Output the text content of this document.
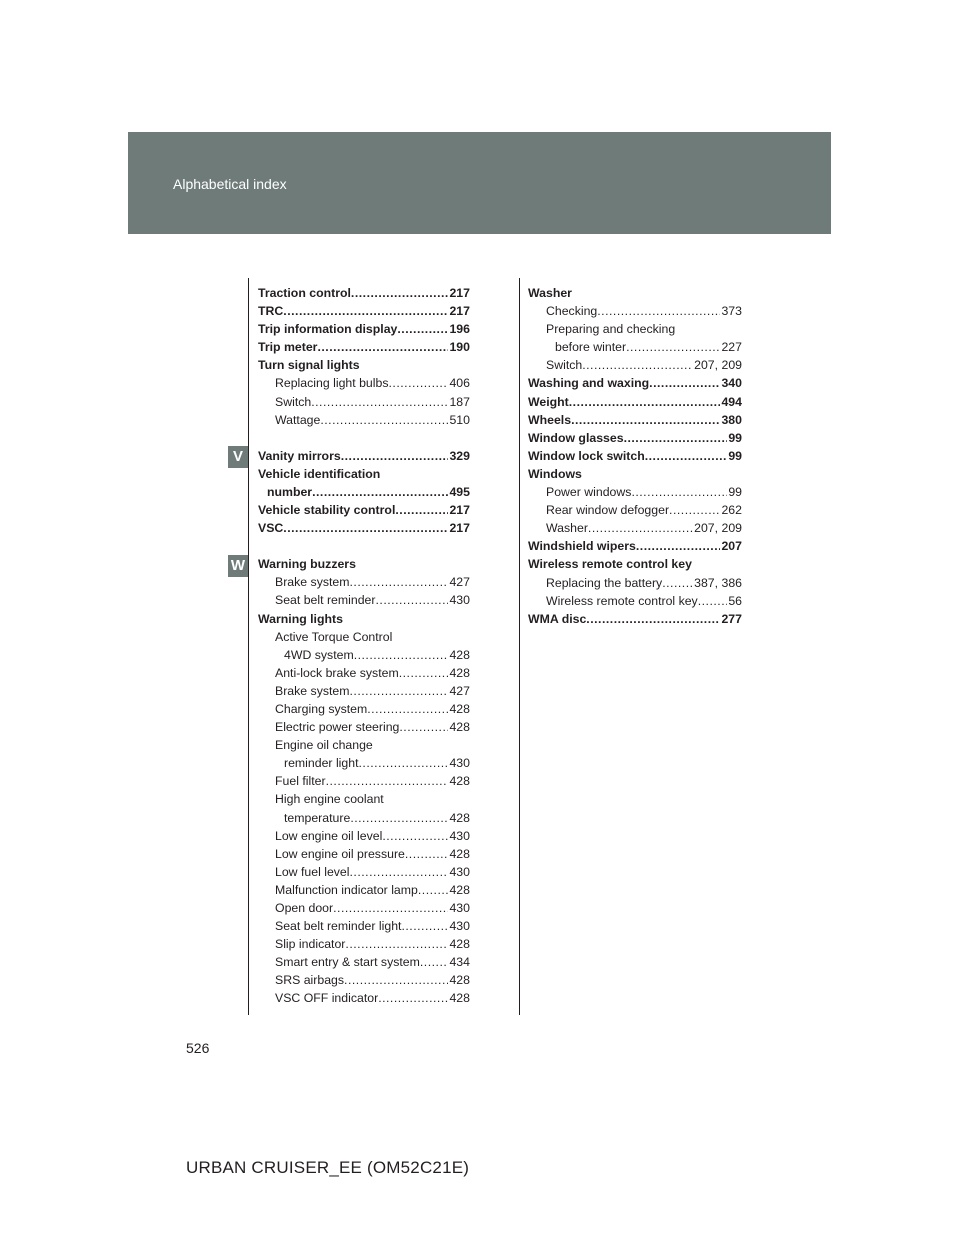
Alphabetical index
V
W
Traction control .....	217
TRC .....	217
Trip information display .....	196
Trip meter .....	190
Turn signal lights
Replacing light bulbs .....	406
Switch .....	187
Wattage .....	510
Vanity mirrors .....	329
Vehicle identification
number .....	495
Vehicle stability control .....	217
VSC .....	217
Warning buzzers
Brake system .....	427
Seat belt reminder .....	430
Warning lights
Active Torque Control
4WD system .....	428
Anti-lock brake system .....	428
Brake system .....	427
Charging system .....	428
Electric power steering .....	428
Engine oil change
reminder light .....	430
Fuel filter .....	428
High engine coolant
temperature .....	428
Low engine oil level .....	430
Low engine oil pressure .....	428
Low fuel level .....	430
Malfunction indicator lamp .....	428
Open door .....	430
Seat belt reminder light .....	430
Slip indicator .....	428
Smart entry & start system ..... 434
SRS airbags .....	428
VSC OFF indicator .....	428
Washer
Checking .....	373
Preparing and checking
before winter .....	227
Switch .....	207, 209
Washing and waxing .....	340
Weight .....	494
Wheels .....	380
Window glasses .....	99
Window lock switch .....	99
Windows
Power windows .....	99
Rear window defogger .....	262
Washer .....	207, 209
Windshield wipers .....	207
Wireless remote control key
Replacing the battery .....	387, 386
Wireless remote control key ..... 56
WMA disc .....	277
526
URBAN CRUISER_EE (OM52C21E)
